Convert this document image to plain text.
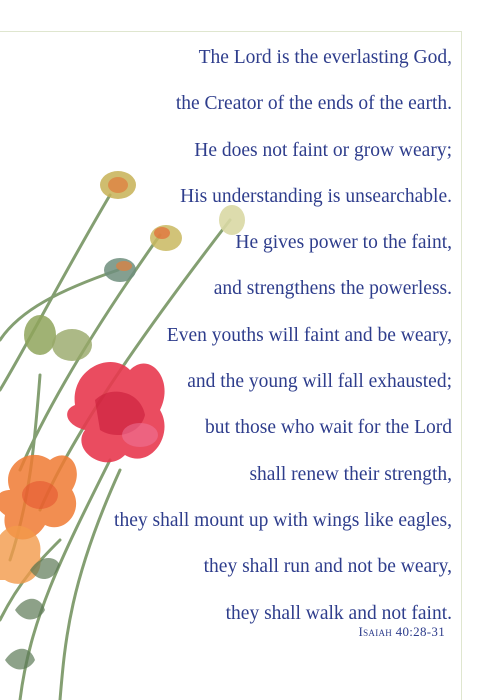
The Lord is the everlasting God,
the Creator of the ends of the earth.
He does not faint or grow weary;
His understanding is unsearchable.
He gives power to the faint,
and strengthens the powerless.
Even youths will faint and be weary,
and the young will fall exhausted;
but those who wait for the Lord
shall renew their strength,
they shall mount up with wings like eagles,
they shall run and not be weary,
they shall walk and not faint.
Isaiah 40:28-31
